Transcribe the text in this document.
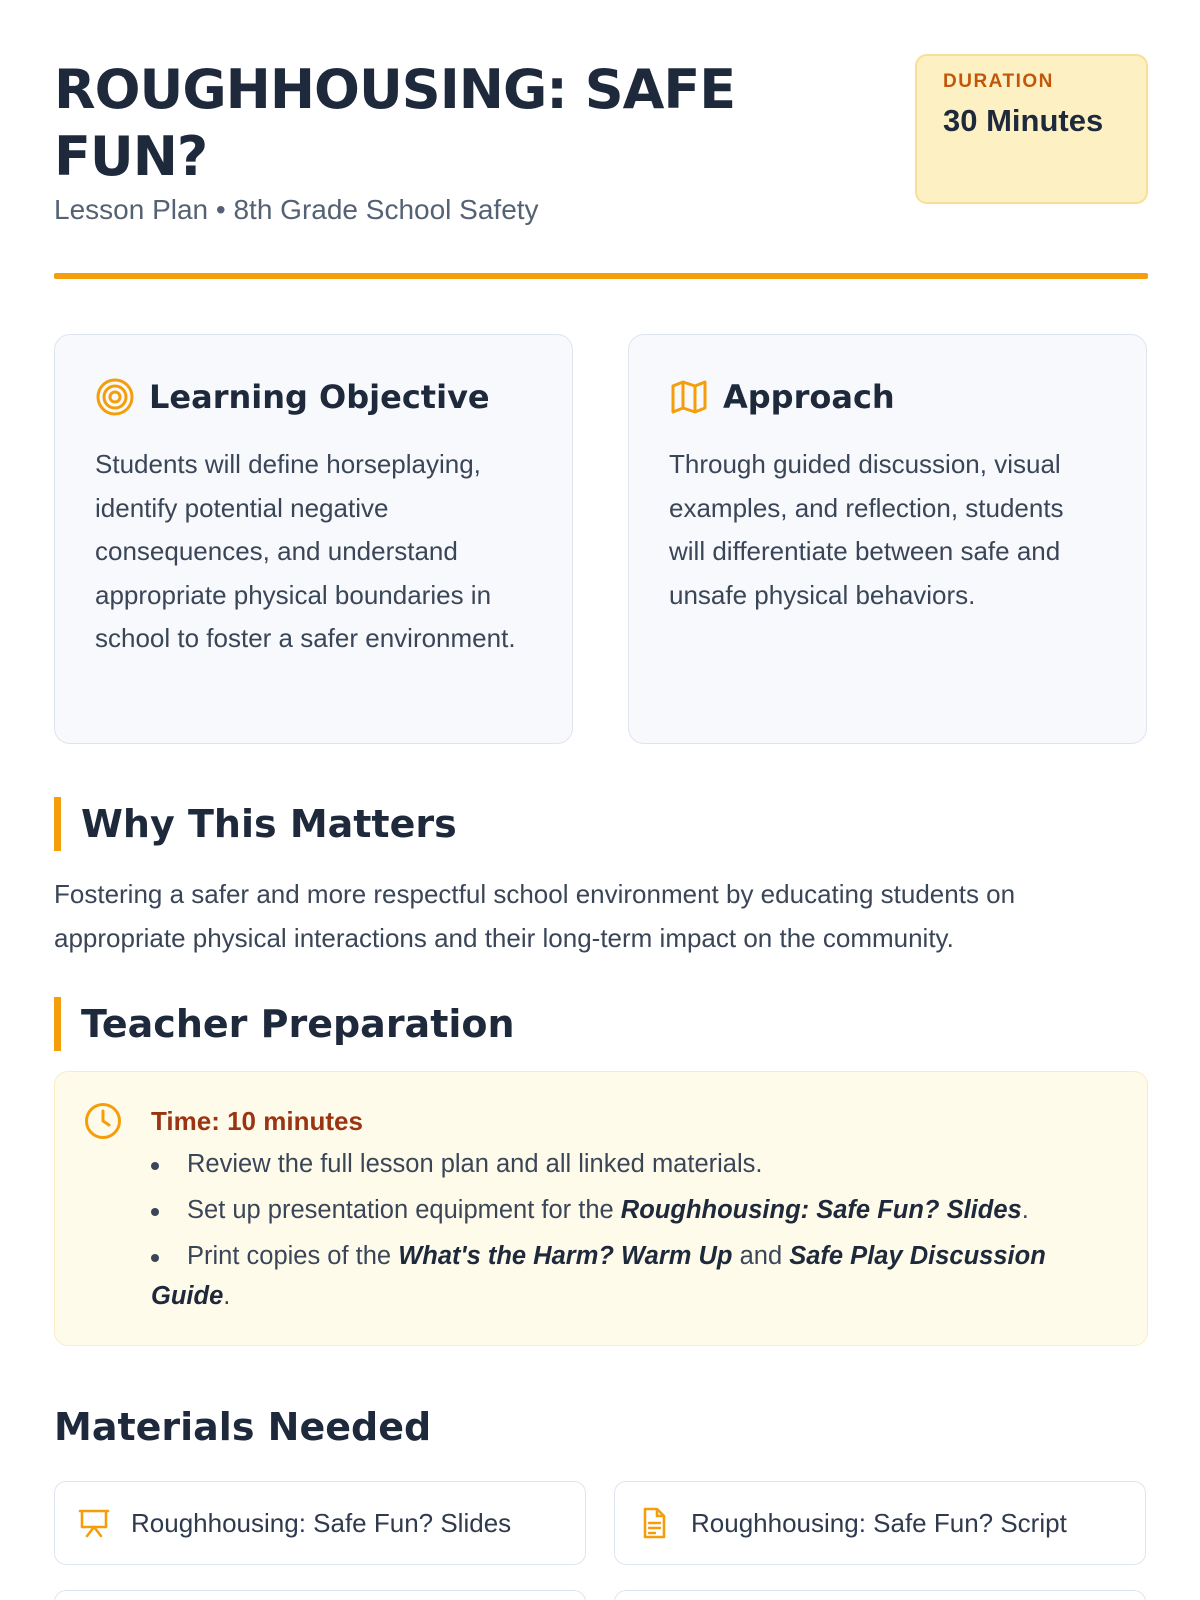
ROUGHHOUSING: SAFE FUN?
Lesson Plan • 8th Grade School Safety
DURATION
30 Minutes
Learning Objective

Students will define horseplaying, identify potential negative consequences, and understand appropriate physical boundaries in school to foster a safer environment.

Approach

Through guided discussion, visual examples, and reflection, students will differentiate between safe and unsafe physical behaviors.

Why This Matters

Fostering a safer and more respectful school environment by educating students on appropriate physical interactions and their long-term impact on the community.

Teacher Preparation
Time: 10 minutes
Review the full lesson plan and all linked materials.
Set up presentation equipment for the Roughhousing: Safe Fun? Slides.
Print copies of the What's the Harm? Warm Up and Safe Play Discussion Guide.
Materials Needed
Roughhousing: Safe Fun? Slides	Roughhousing: Safe Fun? Script
